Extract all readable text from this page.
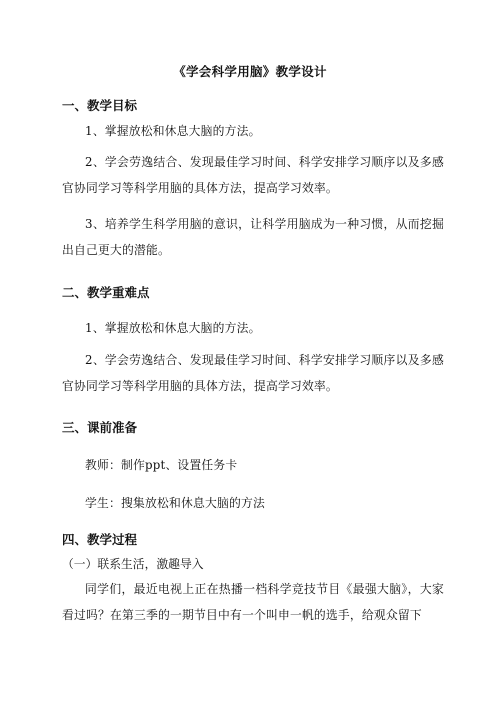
《学会科学用脑》教学设计
一、教学目标
1、掌握放松和休息大脑的方法。
2、学会劳逸结合、发现最佳学习时间、科学安排学习顺序以及多感官协同学习等科学用脑的具体方法，提高学习效率。
3、培养学生科学用脑的意识，让科学用脑成为一种习惯，从而挖掘出自己更大的潜能。
二、教学重难点
1、掌握放松和休息大脑的方法。
2、学会劳逸结合、发现最佳学习时间、科学安排学习顺序以及多感官协同学习等科学用脑的具体方法，提高学习效率。
三、课前准备
教师：制作ppt、设置任务卡
学生：搜集放松和休息大脑的方法
四、教学过程
（一）联系生活，激趣导入
同学们，最近电视上正在热播一档科学竞技节目《最强大脑》，大家看过吗？在第三季的一期节目中有一个叫申一帆的选手，给观众留下
